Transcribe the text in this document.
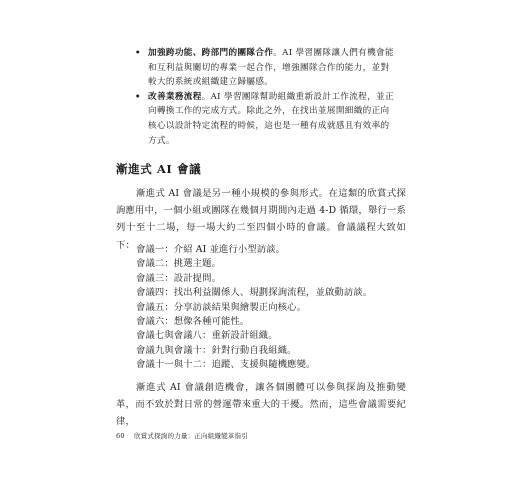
• 加強跨功能、跨部門的團隊合作。AI 學習團隊讓人們有機會能和互利益與關切的專業一起合作，增強團隊合作的能力，並對較大的系統或組織建立歸屬感。
• 改善業務流程。AI 學習團隊幫助組織重新設計工作流程，並正向轉換工作的完成方式。除此之外，在找出並展開細織的正向核心以設計特定流程的時候，這也是一種有成就感且有效率的方式。
漸進式 AI 會議

漸進式 AI 會議是另一種小規模的參與形式。在這類的欣賞式探詢應用中，一個小組或團隊在幾個月期間內走過 4-D 循環，舉行一系列十至十二場，每一場大約二至四個小時的會議。會議議程大致如下： 會議一：介紹 AI 並進行小型訪談。
會議二：挑選主題。
會議三：設計提問。
會議四：找出利益關係人、規劃探詢流程，並啟動訪談。
會議五：分享訪談結果與繪製正向核心。
會議六：想像各種可能性。
會議七與會議八：重新設計組織。
會議九與會議十：針對行動自我組織。
會議十一與十二：追蹤、支援與隨機應變。

漸進式 AI 會議創造機會，讓各個團體可以參與探詢及推動變革，而不致於對日常的營運帶來重大的干擾。然而，這些會議需要紀律，

60 欣賞式探詢的力量：正向組織變革指引
